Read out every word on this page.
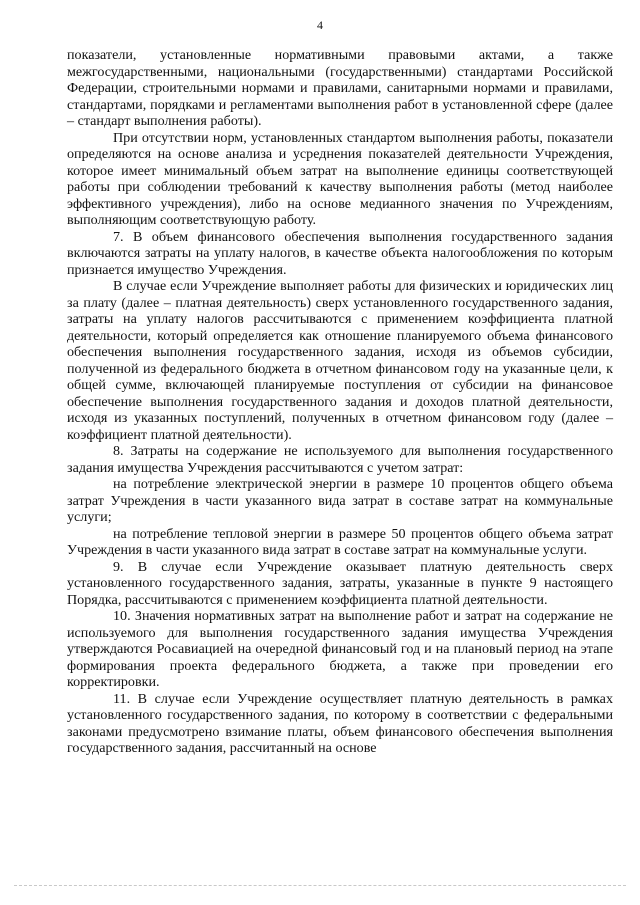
4

показатели, установленные нормативными правовыми актами, а также межгосударственными, национальными (государственными) стандартами Российской Федерации, строительными нормами и правилами, санитарными нормами и правилами, стандартами, порядками и регламентами выполнения работ в установленной сфере (далее – стандарт выполнения работы).

При отсутствии норм, установленных стандартом выполнения работы, показатели определяются на основе анализа и усреднения показателей деятельности Учреждения, которое имеет минимальный объем затрат на выполнение единицы соответствующей работы при соблюдении требований к качеству выполнения работы (метод наиболее эффективного учреждения), либо на основе медианного значения по Учреждениям, выполняющим соответствующую работу.

7. В объем финансового обеспечения выполнения государственного задания включаются затраты на уплату налогов, в качестве объекта налогообложения по которым признается имущество Учреждения.

В случае если Учреждение выполняет работы для физических и юридических лиц за плату (далее – платная деятельность) сверх установленного государственного задания, затраты на уплату налогов рассчитываются с применением коэффициента платной деятельности, который определяется как отношение планируемого объема финансового обеспечения выполнения государственного задания, исходя из объемов субсидии, полученной из федерального бюджета в отчетном финансовом году на указанные цели, к общей сумме, включающей планируемые поступления от субсидии на финансовое обеспечение выполнения государственного задания и доходов платной деятельности, исходя из указанных поступлений, полученных в отчетном финансовом году (далее – коэффициент платной деятельности).

8. Затраты на содержание не используемого для выполнения государственного задания имущества Учреждения рассчитываются с учетом затрат:

на потребление электрической энергии в размере 10 процентов общего объема затрат Учреждения в части указанного вида затрат в составе затрат на коммунальные услуги;

на потребление тепловой энергии в размере 50 процентов общего объема затрат Учреждения в части указанного вида затрат в составе затрат на коммунальные услуги.

9. В случае если Учреждение оказывает платную деятельность сверх установленного государственного задания, затраты, указанные в пункте 9 настоящего Порядка, рассчитываются с применением коэффициента платной деятельности.

10. Значения нормативных затрат на выполнение работ и затрат на содержание не используемого для выполнения государственного задания имущества Учреждения утверждаются Росавиацией на очередной финансовый год и на плановый период на этапе формирования проекта федерального бюджета, а также при проведении его корректировки.

11. В случае если Учреждение осуществляет платную деятельность в рамках установленного государственного задания, по которому в соответствии с федеральными законами предусмотрено взимание платы, объем финансового обеспечения выполнения государственного задания, рассчитанный на основе
